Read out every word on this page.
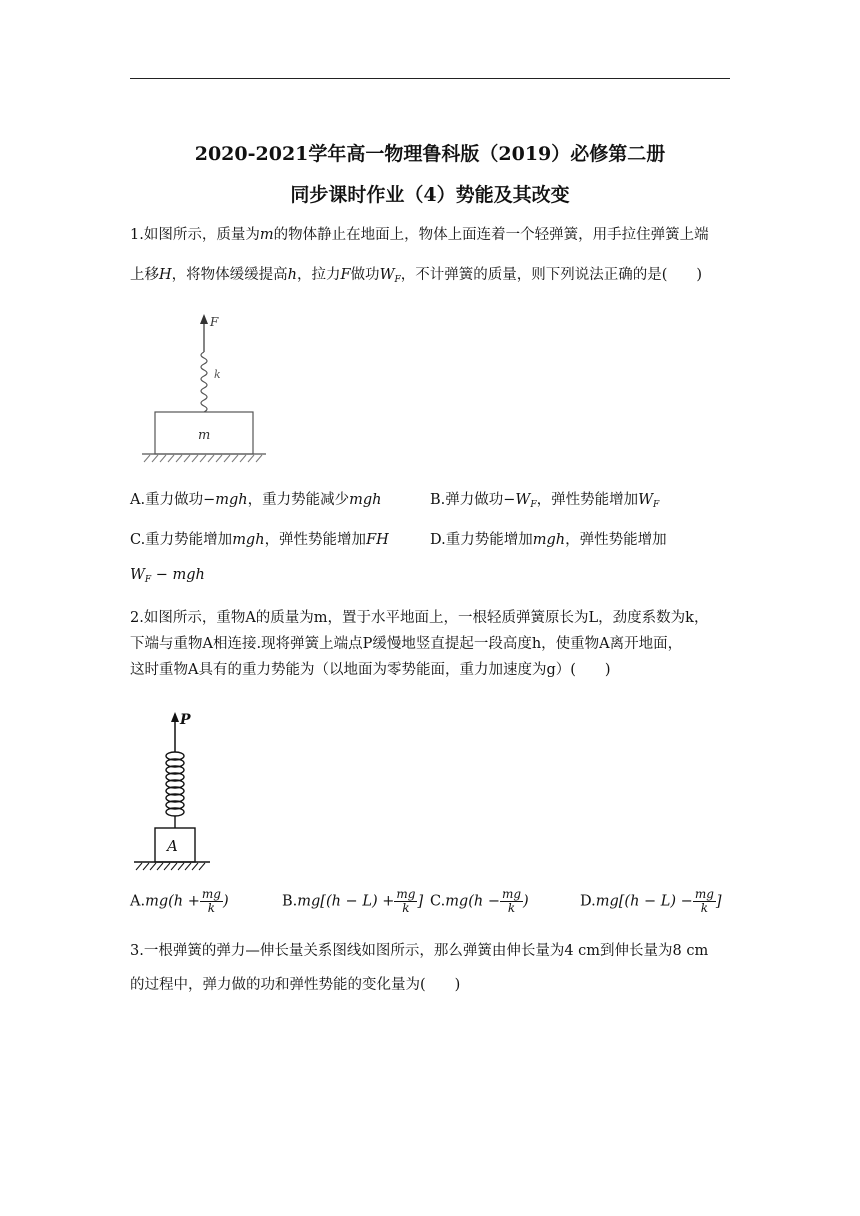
2020-2021学年高一物理鲁科版（2019）必修第二册
同步课时作业（4）势能及其改变
1.如图所示，质量为m的物体静止在地面上，物体上面连着一个轻弹簧，用手拉住弹簧上端

上移H，将物体缓缓提高h，拉力F做功$W_F$，不计弹簧的质量，则下列说法正确的是(　　)
F
k
m
A.重力做功−mgh，重力势能减少mgh	B.弹力做功$-W_F$，弹性势能增加$W_F$
C.重力势能增加mgh，弹性势能增加FH	D.重力势能增加mgh，弹性势能增加
$W_F$ − mgh
2.如图所示，重物A的质量为m，置于水平地面上，一根轻质弹簧原长为L，劲度系数为k，
下端与重物A相连接.现将弹簧上端点P缓慢地竖直提起一段高度h，使重物A离开地面，
这时重物A具有的重力势能为（以地面为零势能面，重力加速度为g）(　　)
P
A
$A.mg(h + \frac{mg}{k}$ )	$B.mg[(h - L) + \frac{mg}{k}$ ] $C.mg(h - \frac{mg}{k}$ )	$D.mg[(h - L) - \frac{mg}{k}$ ]
3.一根弹簧的弹力—伸长量关系图线如图所示，那么弹簧由伸长量为4 cm到伸长量为8 cm
的过程中，弹力做的功和弹性势能的变化量为(　　)
